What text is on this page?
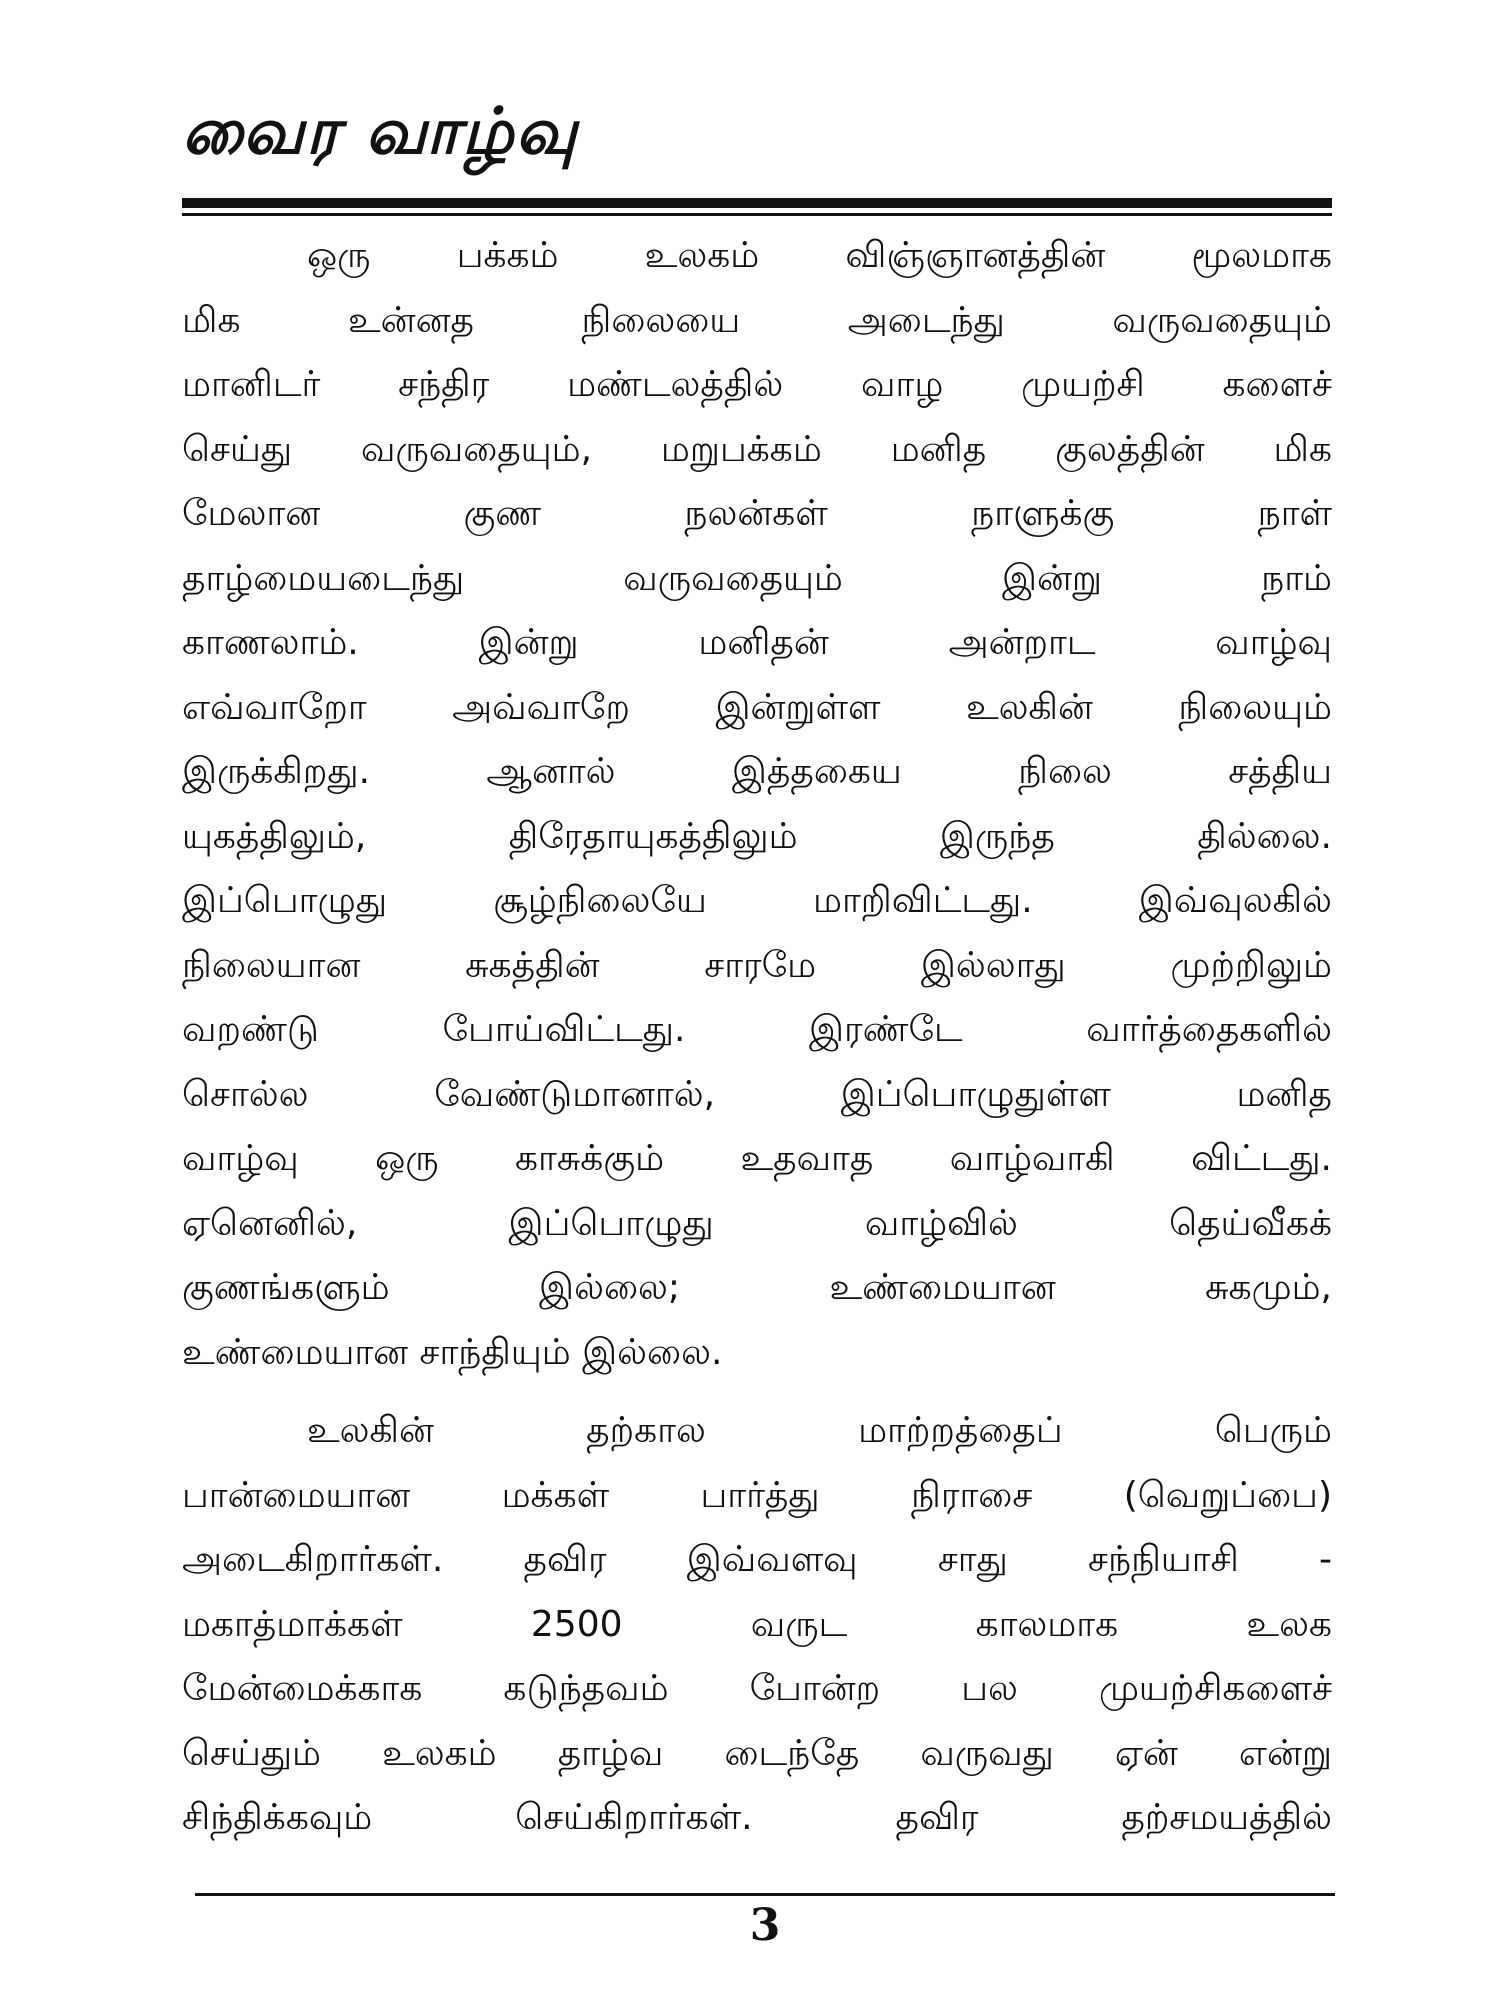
வைர வாழ்வு
ஒரு பக்கம் உலகம் விஞ்ஞானத்தின் மூலமாக
மிக உன்னத நிலையை அடைந்து வருவதையும்
மானிடர் சந்திர மண்டலத்தில் வாழ முயற்சி களைச்
செய்து வருவதையும், மறுபக்கம் மனித குலத்தின் மிக
மேலான குண நலன்கள் நாளுக்கு நாள்
தாழ்மையடைந்து வருவதையும் இன்று நாம்
காணலாம். இன்று மனிதன் அன்றாட வாழ்வு
எவ்வாறோ அவ்வாறே இன்றுள்ள உலகின் நிலையும்
இருக்கிறது. ஆனால் இத்தகைய நிலை சத்திய
யுகத்திலும், திரேதாயுகத்திலும் இருந்த தில்லை.
இப்பொழுது சூழ்நிலையே மாறிவிட்டது. இவ்வுலகில்
நிலையான சுகத்தின் சாரமே இல்லாது முற்றிலும்
வறண்டு போய்விட்டது. இரண்டே வார்த்தைகளில்
சொல்ல வேண்டுமானால், இப்பொழுதுள்ள மனித
வாழ்வு ஒரு காசுக்கும் உதவாத வாழ்வாகி விட்டது.
ஏனெனில், இப்பொழுது வாழ்வில் தெய்வீகக்
குணங்களும் இல்லை; உண்மையான சுகமும்,
உண்மையான சாந்தியும் இல்லை.
உலகின் தற்கால மாற்றத்தைப் பெரும்
பான்மையான மக்கள் பார்த்து நிராசை (வெறுப்பை)
அடைகிறார்கள். தவிர இவ்வளவு சாது சந்நியாசி -
மகாத்மாக்கள் 2500 வருட காலமாக உலக
மேன்மைக்காக கடுந்தவம் போன்ற பல முயற்சிகளைச்
செய்தும் உலகம் தாழ்வ டைந்தே வருவது ஏன் என்று
சிந்திக்கவும் செய்கிறார்கள். தவிர தற்சமயத்தில்
3
